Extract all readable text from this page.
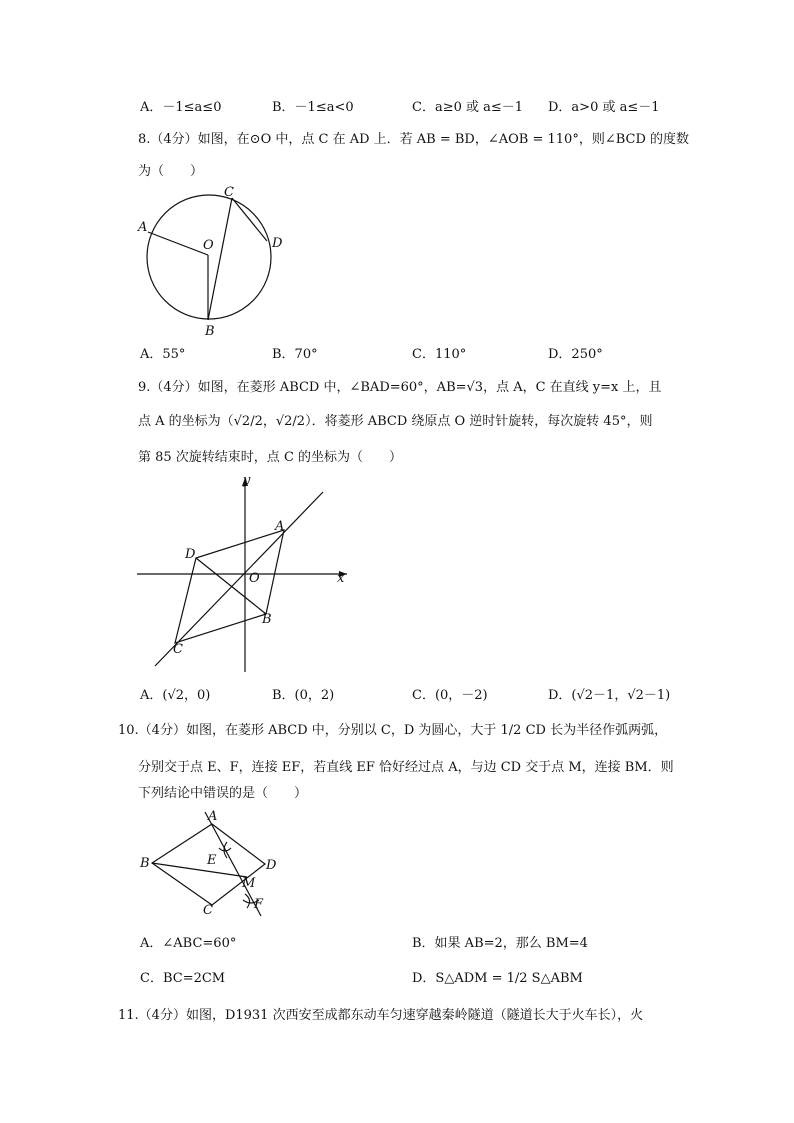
A．－1≤a≤0	B．－1≤a<0	C．a≥0 或 a≤－1 D．a>0 或 a≤－1
8.（4分）如图，在⊙O 中，点 C 在 AD 上．若 AB = BD，∠AOB = 110°，则∠BCD 的度数
为（　　）
A
O
C
D
B
A．55°	B．70°	C．110°	D．250°
9.（4分）如图，在菱形 ABCD 中，∠BAD=60°，AB=√3，点 A，C 在直线 y=x 上，且
点 A 的坐标为（√2/2，√2/2）．将菱形 ABCD 绕原点 O 逆时针旋转，每次旋转 45°，则
第 85 次旋转结束时，点 C 的坐标为（　　）
y
x
A
D
O
B
C
A．(√2，0)	B．(0，2)	C．(0，－2)	D．(√2－1，√2－1)
10.（4分）如图，在菱形 ABCD 中，分别以 C，D 为圆心，大于 1/2 CD 长为半径作弧两弧，
分别交于点 E、F，连接 EF，若直线 EF 恰好经过点 A，与边 CD 交于点 M，连接 BM．则
下列结论中错误的是（　　）
A
B	E	D
M
C	F
A．∠ABC=60°	B．如果 AB=2，那么 BM=4
C．BC=2CM	D．S△ADM = 1/2 S△ABM
11.（4分）如图，D1931 次西安至成都东动车匀速穿越秦岭隧道（隧道长大于火车长），火
